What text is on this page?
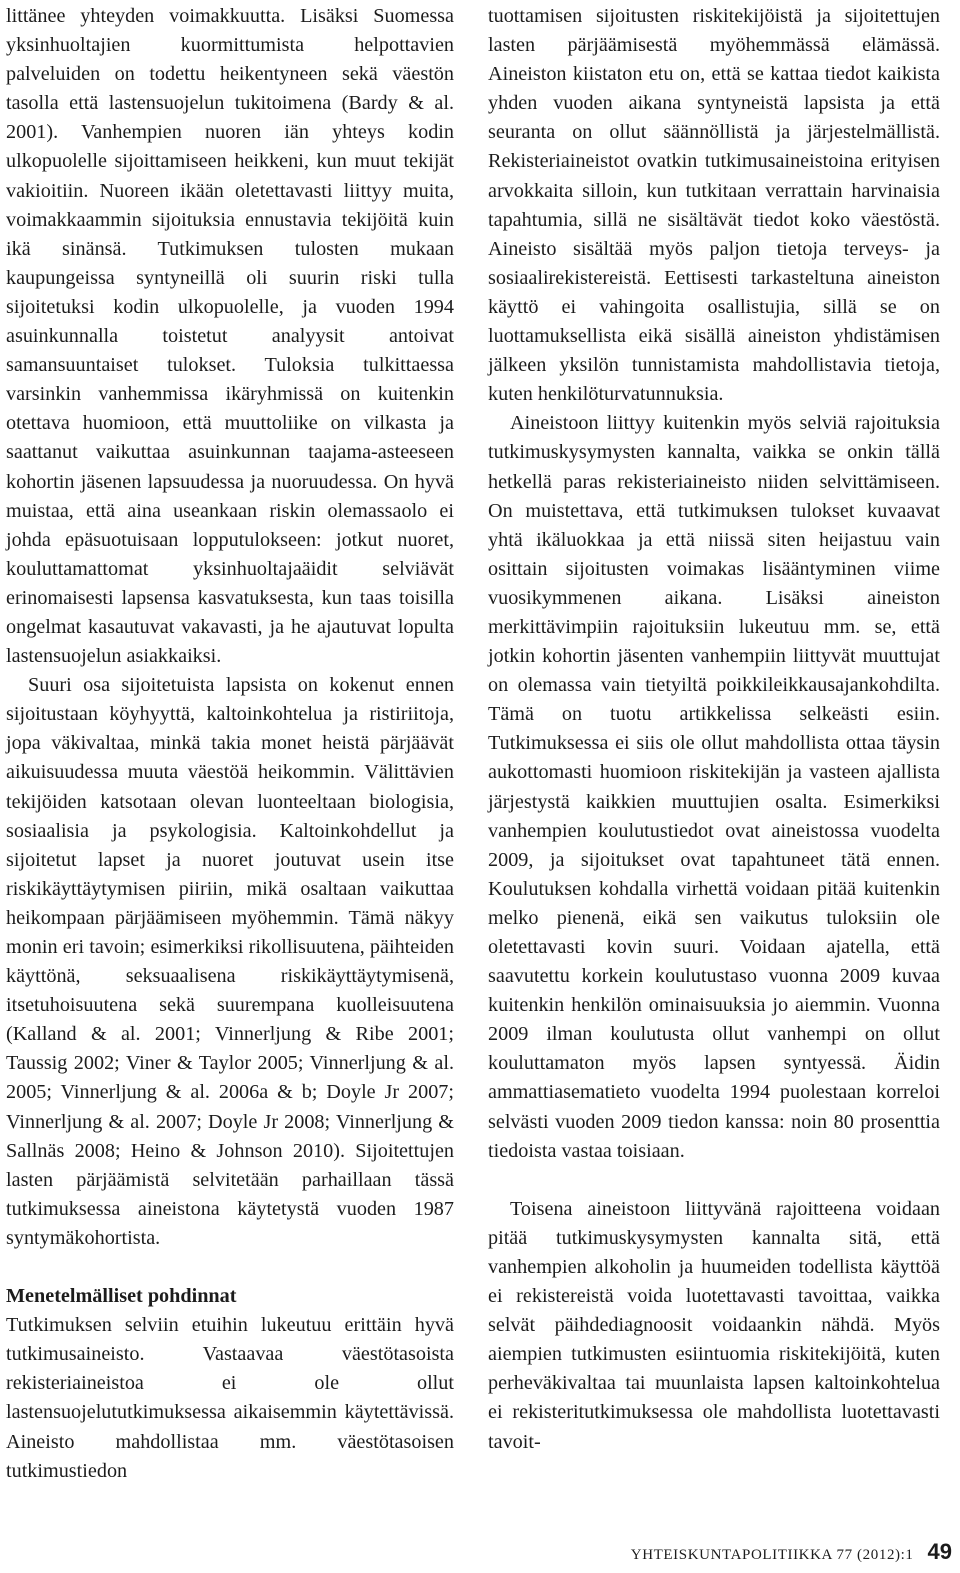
littänee yhteyden voimakkuutta. Lisäksi Suomessa yksinhuoltajien kuormittumista helpottavien palveluiden on todettu heikentyneen sekä väestön tasolla että lastensuojelun tukitoimena (Bardy & al. 2001). Vanhempien nuoren iän yhteys kodin ulkopuolelle sijoittamiseen heikkeni, kun muut tekijät vakioitiin. Nuoreen ikään oletettavasti liittyy muita, voimakkaammin sijoituksia ennustavia tekijöitä kuin ikä sinänsä. Tutkimuksen tulosten mukaan kaupungeissa syntyneillä oli suurin riski tulla sijoitetuksi kodin ulkopuolelle, ja vuoden 1994 asuinkunnalla toistetut analyysit antoivat samansuuntaiset tulokset. Tuloksia tulkittaessa varsinkin vanhemmissa ikäryhmissä on kuitenkin otettava huomioon, että muuttoliike on vilkasta ja saattanut vaikuttaa asuinkunnan taajama-asteeseen kohortin jäsenen lapsuudessa ja nuoruudessa. On hyvä muistaa, että aina useankaan riskin olemassaolo ei johda epäsuotuisaan lopputulokseen: jotkut nuoret, kouluttamattomat yksinhuoltajaäidit selviävät erinomaisesti lapsensa kasvatuksesta, kun taas toisilla ongelmat kasautuvat vakavasti, ja he ajautuvat lopulta lastensuojelun asiakkaiksi.

Suuri osa sijoitetuista lapsista on kokenut ennen sijoitustaan köyhyyttä, kaltoinkohtelua ja ristiriitoja, jopa väkivaltaa, minkä takia monet heistä pärjäävät aikuisuudessa muuta väestöä heikommin. Välittävien tekijöiden katsotaan olevan luonteeltaan biologisia, sosiaalisia ja psykologisia. Kaltoinkohdellut ja sijoitetut lapset ja nuoret joutuvat usein itse riskikäyttäytymisen piiriin, mikä osaltaan vaikuttaa heikompaan pärjäämiseen myöhemmin. Tämä näkyy monin eri tavoin; esimerkiksi rikollisuutena, päihteiden käyttönä, seksuaalisena riskikäyttäytymisenä, itsetuhoisuutena sekä suurempana kuolleisuutena (Kalland & al. 2001; Vinnerljung & Ribe 2001; Taussig 2002; Viner & Taylor 2005; Vinnerljung & al. 2005; Vinnerljung & al. 2006a & b; Doyle Jr 2007; Vinnerljung & al. 2007; Doyle Jr 2008; Vinnerljung & Sallnäs 2008; Heino & Johnson 2010). Sijoitettujen lasten pärjäämistä selvitetään parhaillaan tässä tutkimuksessa aineistona käytetystä vuoden 1987 syntymäkohortista.

Menetelmälliset pohdinnat

Tutkimuksen selviin etuihin lukeutuu erittäin hyvä tutkimusaineisto. Vastaavaa väestötasoista rekisteriaineistoa ei ole ollut lastensuojelututkimuksessa aikaisemmin käytettävissä. Aineisto mahdollistaa mm. väestötasoisen tutkimustiedon

tuottamisen sijoitusten riskitekijöistä ja sijoitettujen lasten pärjäämisestä myöhemmässä elämässä. Aineiston kiistaton etu on, että se kattaa tiedot kaikista yhden vuoden aikana syntyneistä lapsista ja että seuranta on ollut säännöllistä ja järjestelmällistä. Rekisteriaineistot ovatkin tutkimusaineistoina erityisen arvokkaita silloin, kun tutkitaan verrattain harvinaisia tapahtumia, sillä ne sisältävät tiedot koko väestöstä. Aineisto sisältää myös paljon tietoja terveys- ja sosiaalirekistereistä. Eettisesti tarkasteltuna aineiston käyttö ei vahingoita osallistujia, sillä se on luottamuksellista eikä sisällä aineiston yhdistämisen jälkeen yksilön tunnistamista mahdollistavia tietoja, kuten henkilöturvatunnuksia.

Aineistoon liittyy kuitenkin myös selviä rajoituksia tutkimuskysymysten kannalta, vaikka se onkin tällä hetkellä paras rekisteriaineisto niiden selvittämiseen. On muistettava, että tutkimuksen tulokset kuvaavat yhtä ikäluokkaa ja että niissä siten heijastuu vain osittain sijoitusten voimakas lisääntyminen viime vuosikymmenen aikana. Lisäksi aineiston merkittävimpiin rajoituksiin lukeutuu mm. se, että jotkin kohortin jäsenten vanhempiin liittyvät muuttujat on olemassa vain tietyiltä poikkileikkausajankohdilta. Tämä on tuotu artikkelissa selkeästi esiin. Tutkimuksessa ei siis ole ollut mahdollista ottaa täysin aukottomasti huomioon riskitekijän ja vasteen ajallista järjestystä kaikkien muuttujien osalta. Esimerkiksi vanhempien koulutustiedot ovat aineistossa vuodelta 2009, ja sijoitukset ovat tapahtuneet tätä ennen. Koulutuksen kohdalla virhettä voidaan pitää kuitenkin melko pienenä, eikä sen vaikutus tuloksiin ole oletettavasti kovin suuri. Voidaan ajatella, että saavutettu korkein koulutustaso vuonna 2009 kuvaa kuitenkin henkilön ominaisuuksia jo aiemmin. Vuonna 2009 ilman koulutusta ollut vanhempi on ollut kouluttamaton myös lapsen syntyessä. Äidin ammattiasematieto vuodelta 1994 puolestaan korreloi selvästi vuoden 2009 tiedon kanssa: noin 80 prosenttia tiedoista vastaa toisiaan.

Toisena aineistoon liittyvänä rajoitteena voidaan pitää tutkimuskysymysten kannalta sitä, että vanhempien alkoholin ja huumeiden todellista käyttöä ei rekistereistä voida luotettavasti tavoittaa, vaikka selvät päihdediagnoosit voidaankin nähdä. Myös aiempien tutkimusten esiintuomia riskitekijöitä, kuten perheväkivaltaa tai muunlaista lapsen kaltoinkohtelua ei rekisteritutkimuksessa ole mahdollista luotettavasti tavoit-

YHTEISKUNTAPOLITIIKKA 77 (2012):1 49
